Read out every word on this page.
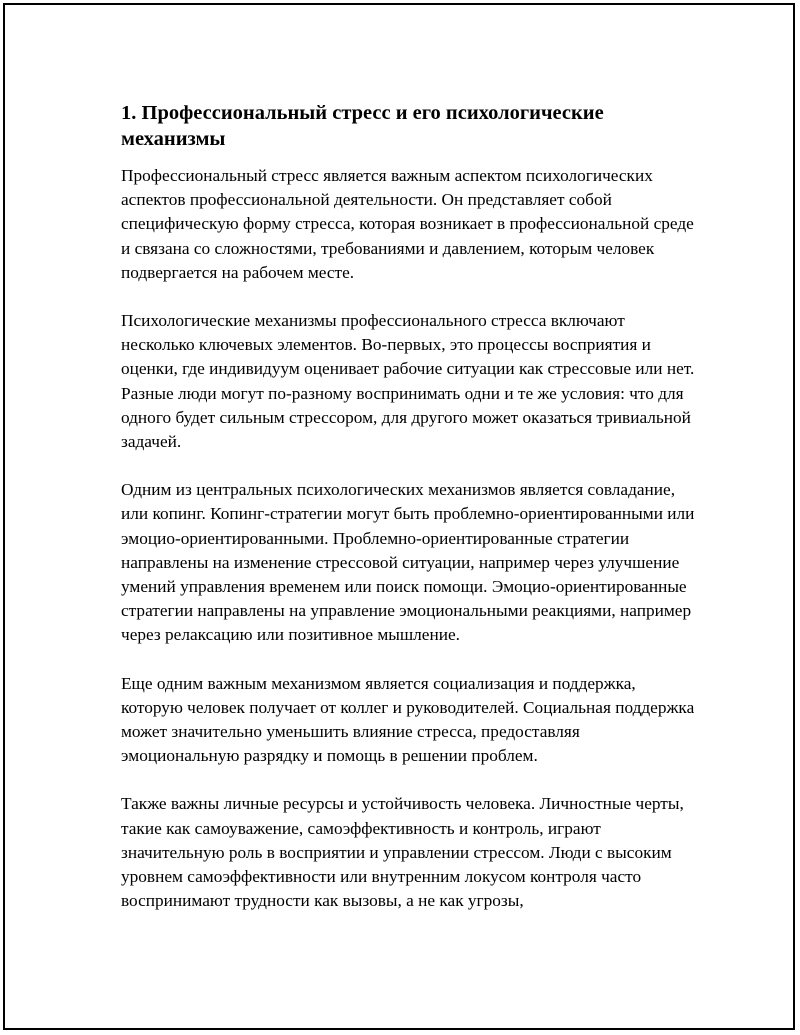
1. Профессиональный стресс и его психологические механизмы

Профессиональный стресс является важным аспектом психологических аспектов профессиональной деятельности. Он представляет собой специфическую форму стресса, которая возникает в профессиональной среде и связана со сложностями, требованиями и давлением, которым человек подвергается на рабочем месте.

Психологические механизмы профессионального стресса включают несколько ключевых элементов. Во-первых, это процессы восприятия и оценки, где индивидуум оценивает рабочие ситуации как стрессовые или нет. Разные люди могут по-разному воспринимать одни и те же условия: что для одного будет сильным стрессором, для другого может оказаться тривиальной задачей.

Одним из центральных психологических механизмов является совладание, или копинг. Копинг-стратегии могут быть проблемно-ориентированными или эмоцио-ориентированными. Проблемно-ориентированные стратегии направлены на изменение стрессовой ситуации, например через улучшение умений управления временем или поиск помощи. Эмоцио-ориентированные стратегии направлены на управление эмоциональными реакциями, например через релаксацию или позитивное мышление.

Еще одним важным механизмом является социализация и поддержка, которую человек получает от коллег и руководителей. Социальная поддержка может значительно уменьшить влияние стресса, предоставляя эмоциональную разрядку и помощь в решении проблем.

Также важны личные ресурсы и устойчивость человека. Личностные черты, такие как самоуважение, самоэффективность и контроль, играют значительную роль в восприятии и управлении стрессом. Люди с высоким уровнем самоэффективности или внутренним локусом контроля часто воспринимают трудности как вызовы, а не как угрозы,
